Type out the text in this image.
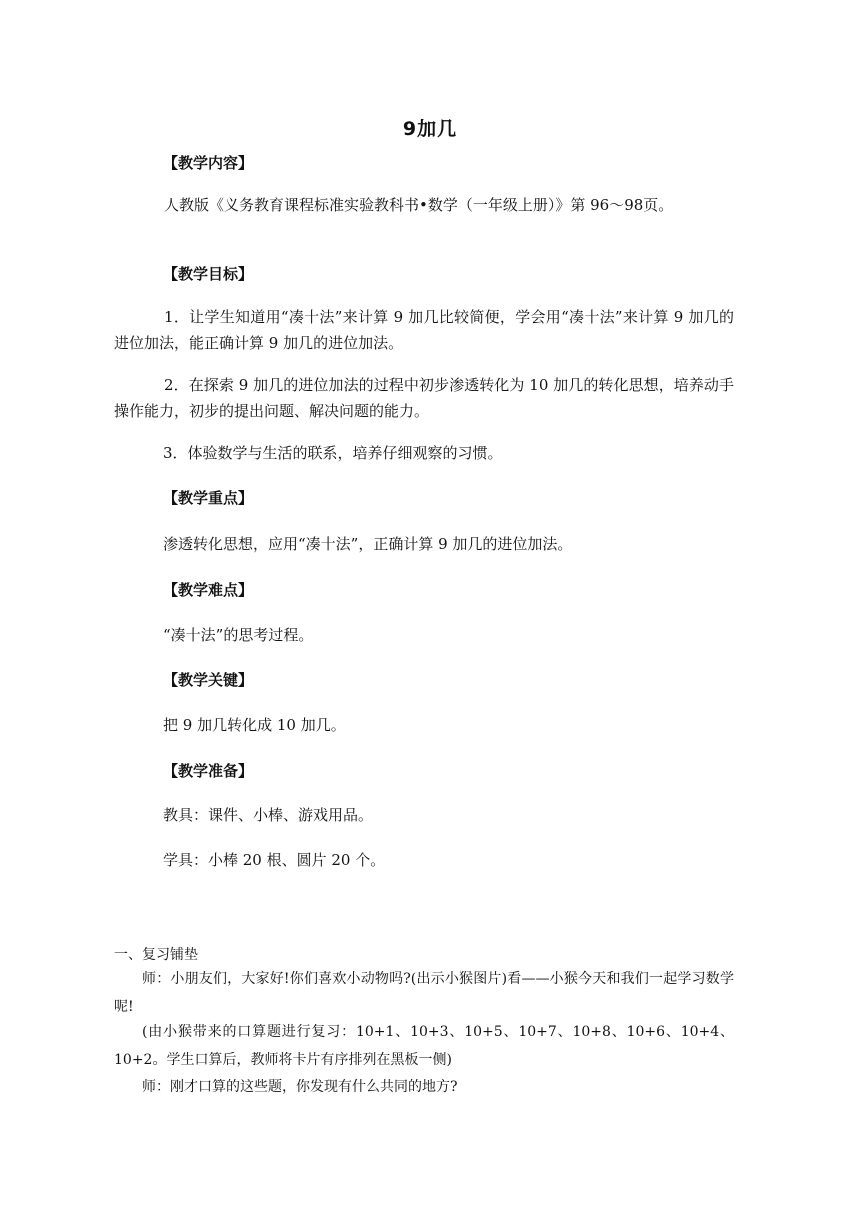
9加几
【教学内容】
人教版《义务教育课程标准实验教科书•数学（一年级上册）》第 96～98页。
【教学目标】
1．让学生知道用“凑十法”来计算 9 加几比较简便，学会用“凑十法”来计算 9 加几的进位加法，能正确计算 9 加几的进位加法。
2．在探索 9 加几的进位加法的过程中初步渗透转化为 10 加几的转化思想，培养动手操作能力，初步的提出问题、解决问题的能力。
3．体验数学与生活的联系，培养仔细观察的习惯。
【教学重点】
渗透转化思想，应用“凑十法”，正确计算 9 加几的进位加法。
【教学难点】
“凑十法”的思考过程。
【教学关键】
把 9 加几转化成 10 加几。
【教学准备】
教具：课件、小棒、游戏用品。
学具：小棒 20 根、圆片 20 个。
一、复习铺垫
师：小朋友们，大家好!你们喜欢小动物吗?(出示小猴图片)看——小猴今天和我们一起学习数学呢!
(由小猴带来的口算题进行复习：10+1、10+3、10+5、10+7、10+8、10+6、10+4、10+2。学生口算后，教师将卡片有序排列在黑板一侧)
师：刚才口算的这些题，你发现有什么共同的地方?
